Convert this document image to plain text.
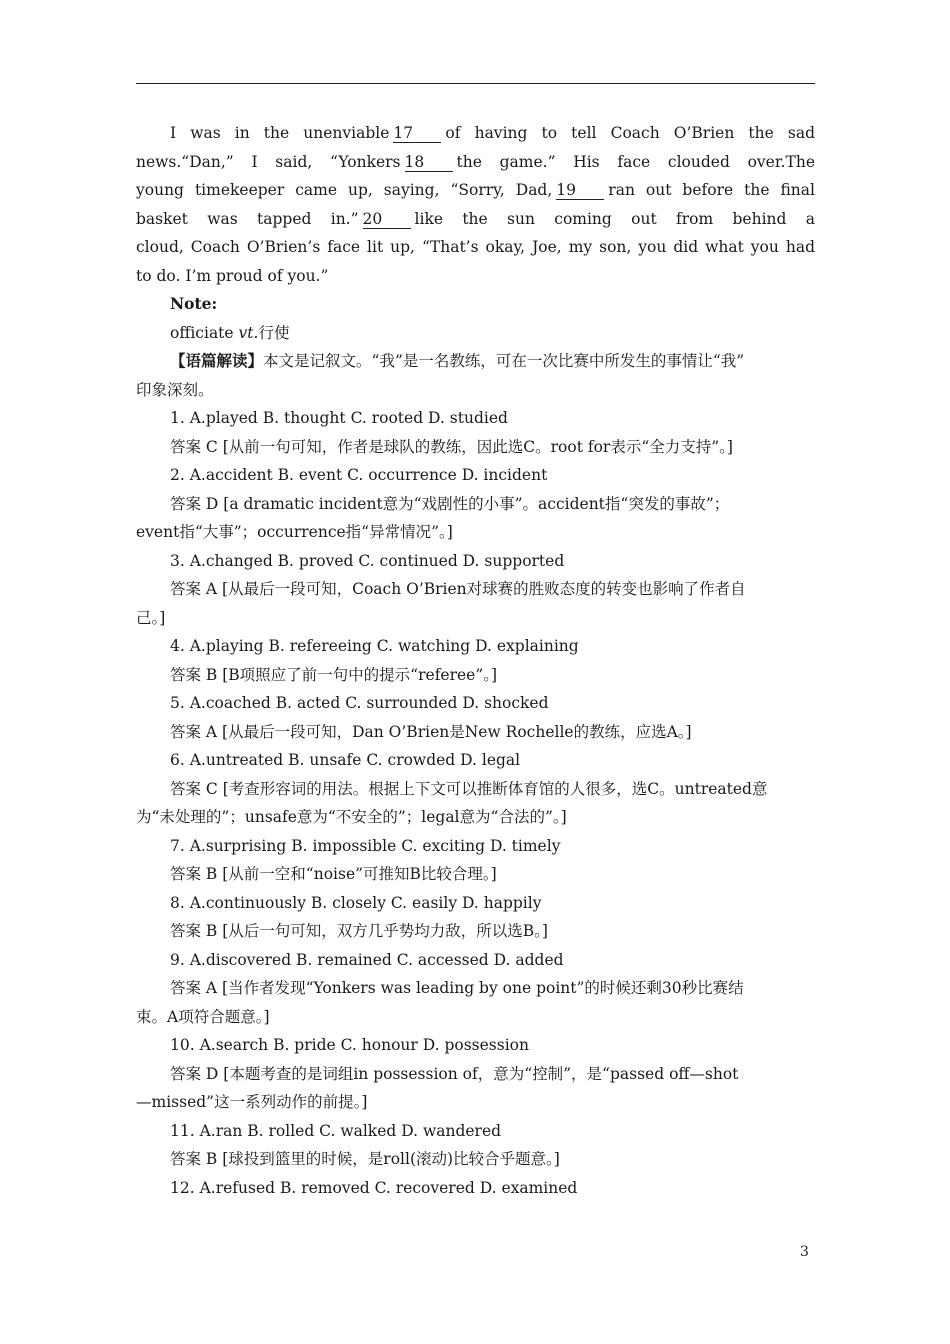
I was in the unenviable 17 of having to tell Coach O’Brien the sad
news.“Dan,” I said, “Yonkers 18 the game.” His face clouded over.The
young timekeeper came up, saying, “Sorry, Dad, 19 ran out before the final
basket was tapped in.” 20 like the sun coming out from behind a
cloud, Coach O’Brien’s face lit up, “That’s okay, Joe, my son, you did what you had
to do. I’m proud of you.”
Note:
officiate vt.行使
【语篇解读】本文是记叙文。“我”是一名教练，可在一次比赛中所发生的事情让“我”
印象深刻。
1. A.played B. thought C. rooted D. studied
答案 C [从前一句可知，作者是球队的教练，因此选C。root for表示“全力支持”。]
2. A.accident B. event C. occurrence D. incident
答案 D [a dramatic incident意为“戏剧性的小事”。accident指“突发的事故”；
event指“大事”；occurrence指“异常情况”。]
3. A.changed B. proved C. continued D. supported
答案 A [从最后一段可知，Coach O’Brien对球赛的胜败态度的转变也影响了作者自
己。]
4. A.playing B. refereeing C. watching D. explaining
答案 B [B项照应了前一句中的提示“referee”。]
5. A.coached B. acted C. surrounded D. shocked
答案 A [从最后一段可知，Dan O’Brien是New Rochelle的教练，应选A。]
6. A.untreated B. unsafe C. crowded D. legal
答案 C [考查形容词的用法。根据上下文可以推断体育馆的人很多，选C。untreated意
为“未处理的”；unsafe意为“不安全的”；legal意为“合法的”。]
7. A.surprising B. impossible C. exciting D. timely
答案 B [从前一空和“noise”可推知B比较合理。]
8. A.continuously B. closely C. easily D. happily
答案 B [从后一句可知，双方几乎势均力敌，所以选B。]
9. A.discovered B. remained C. accessed D. added
答案 A [当作者发现“Yonkers was leading by one point”的时候还剩30秒比赛结
束。A项符合题意。]
10. A.search B. pride C. honour D. possession
答案 D [本题考查的是词组in possession of，意为“控制”，是“passed off—shot
—missed”这一系列动作的前提。]
11. A.ran B. rolled C. walked D. wandered
答案 B [球投到篮里的时候，是roll(滚动)比较合乎题意。]
12. A.refused B. removed C. recovered D. examined
3
